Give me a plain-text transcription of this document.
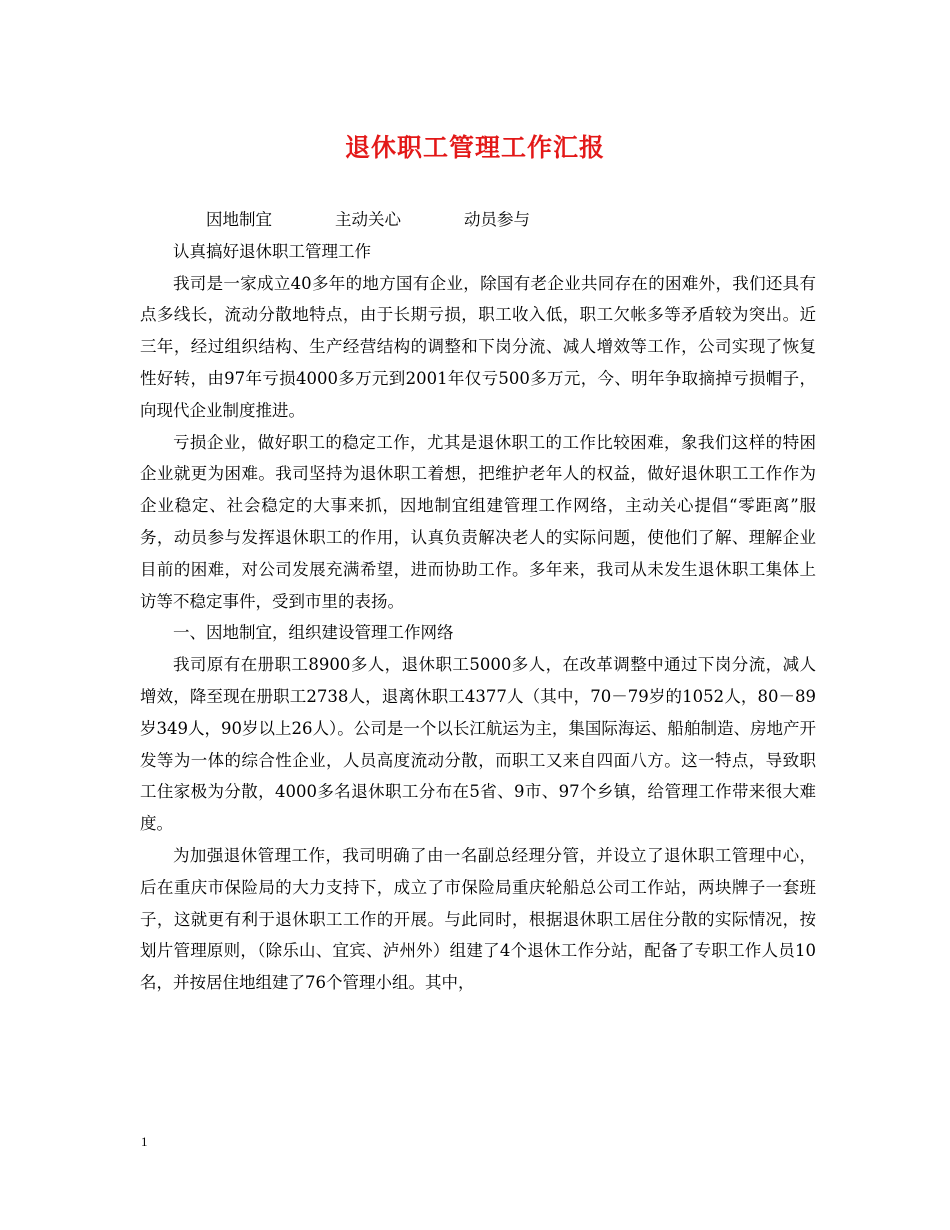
退休职工管理工作汇报

因地制宜	主动关心	动员参与

认真搞好退休职工管理工作

我司是一家成立40多年的地方国有企业，除国有老企业共同存在的困难外，我们还具有点多线长，流动分散地特点，由于长期亏损，职工收入低，职工欠帐多等矛盾较为突出。近三年，经过组织结构、生产经营结构的调整和下岗分流、减人增效等工作，公司实现了恢复性好转，由97年亏损4000多万元到2001年仅亏500多万元，今、明年争取摘掉亏损帽子，向现代企业制度推进。

亏损企业，做好职工的稳定工作，尤其是退休职工的工作比较困难，象我们这样的特困企业就更为困难。我司坚持为退休职工着想，把维护老年人的权益，做好退休职工工作作为企业稳定、社会稳定的大事来抓，因地制宜组建管理工作网络，主动关心提倡“零距离”服务，动员参与发挥退休职工的作用，认真负责解决老人的实际问题，使他们了解、理解企业目前的困难，对公司发展充满希望，进而协助工作。多年来，我司从未发生退休职工集体上访等不稳定事件，受到市里的表扬。

一、因地制宜，组织建设管理工作网络

我司原有在册职工8900多人，退休职工5000多人，在改革调整中通过下岗分流，减人增效，降至现在册职工2738人，退离休职工4377人（其中，70－79岁的1052人，80－89岁349人，90岁以上26人）。公司是一个以长江航运为主，集国际海运、船舶制造、房地产开发等为一体的综合性企业，人员高度流动分散，而职工又来自四面八方。这一特点，导致职工住家极为分散，4000多名退休职工分布在5省、9市、97个乡镇，给管理工作带来很大难度。

为加强退休管理工作，我司明确了由一名副总经理分管，并设立了退休职工管理中心，后在重庆市保险局的大力支持下，成立了市保险局重庆轮船总公司工作站，两块牌子一套班子，这就更有利于退休职工工作的开展。与此同时，根据退休职工居住分散的实际情况，按划片管理原则，（除乐山、宜宾、泸州外）组建了4个退休工作分站，配备了专职工作人员10名，并按居住地组建了76个管理小组。其中，

1
